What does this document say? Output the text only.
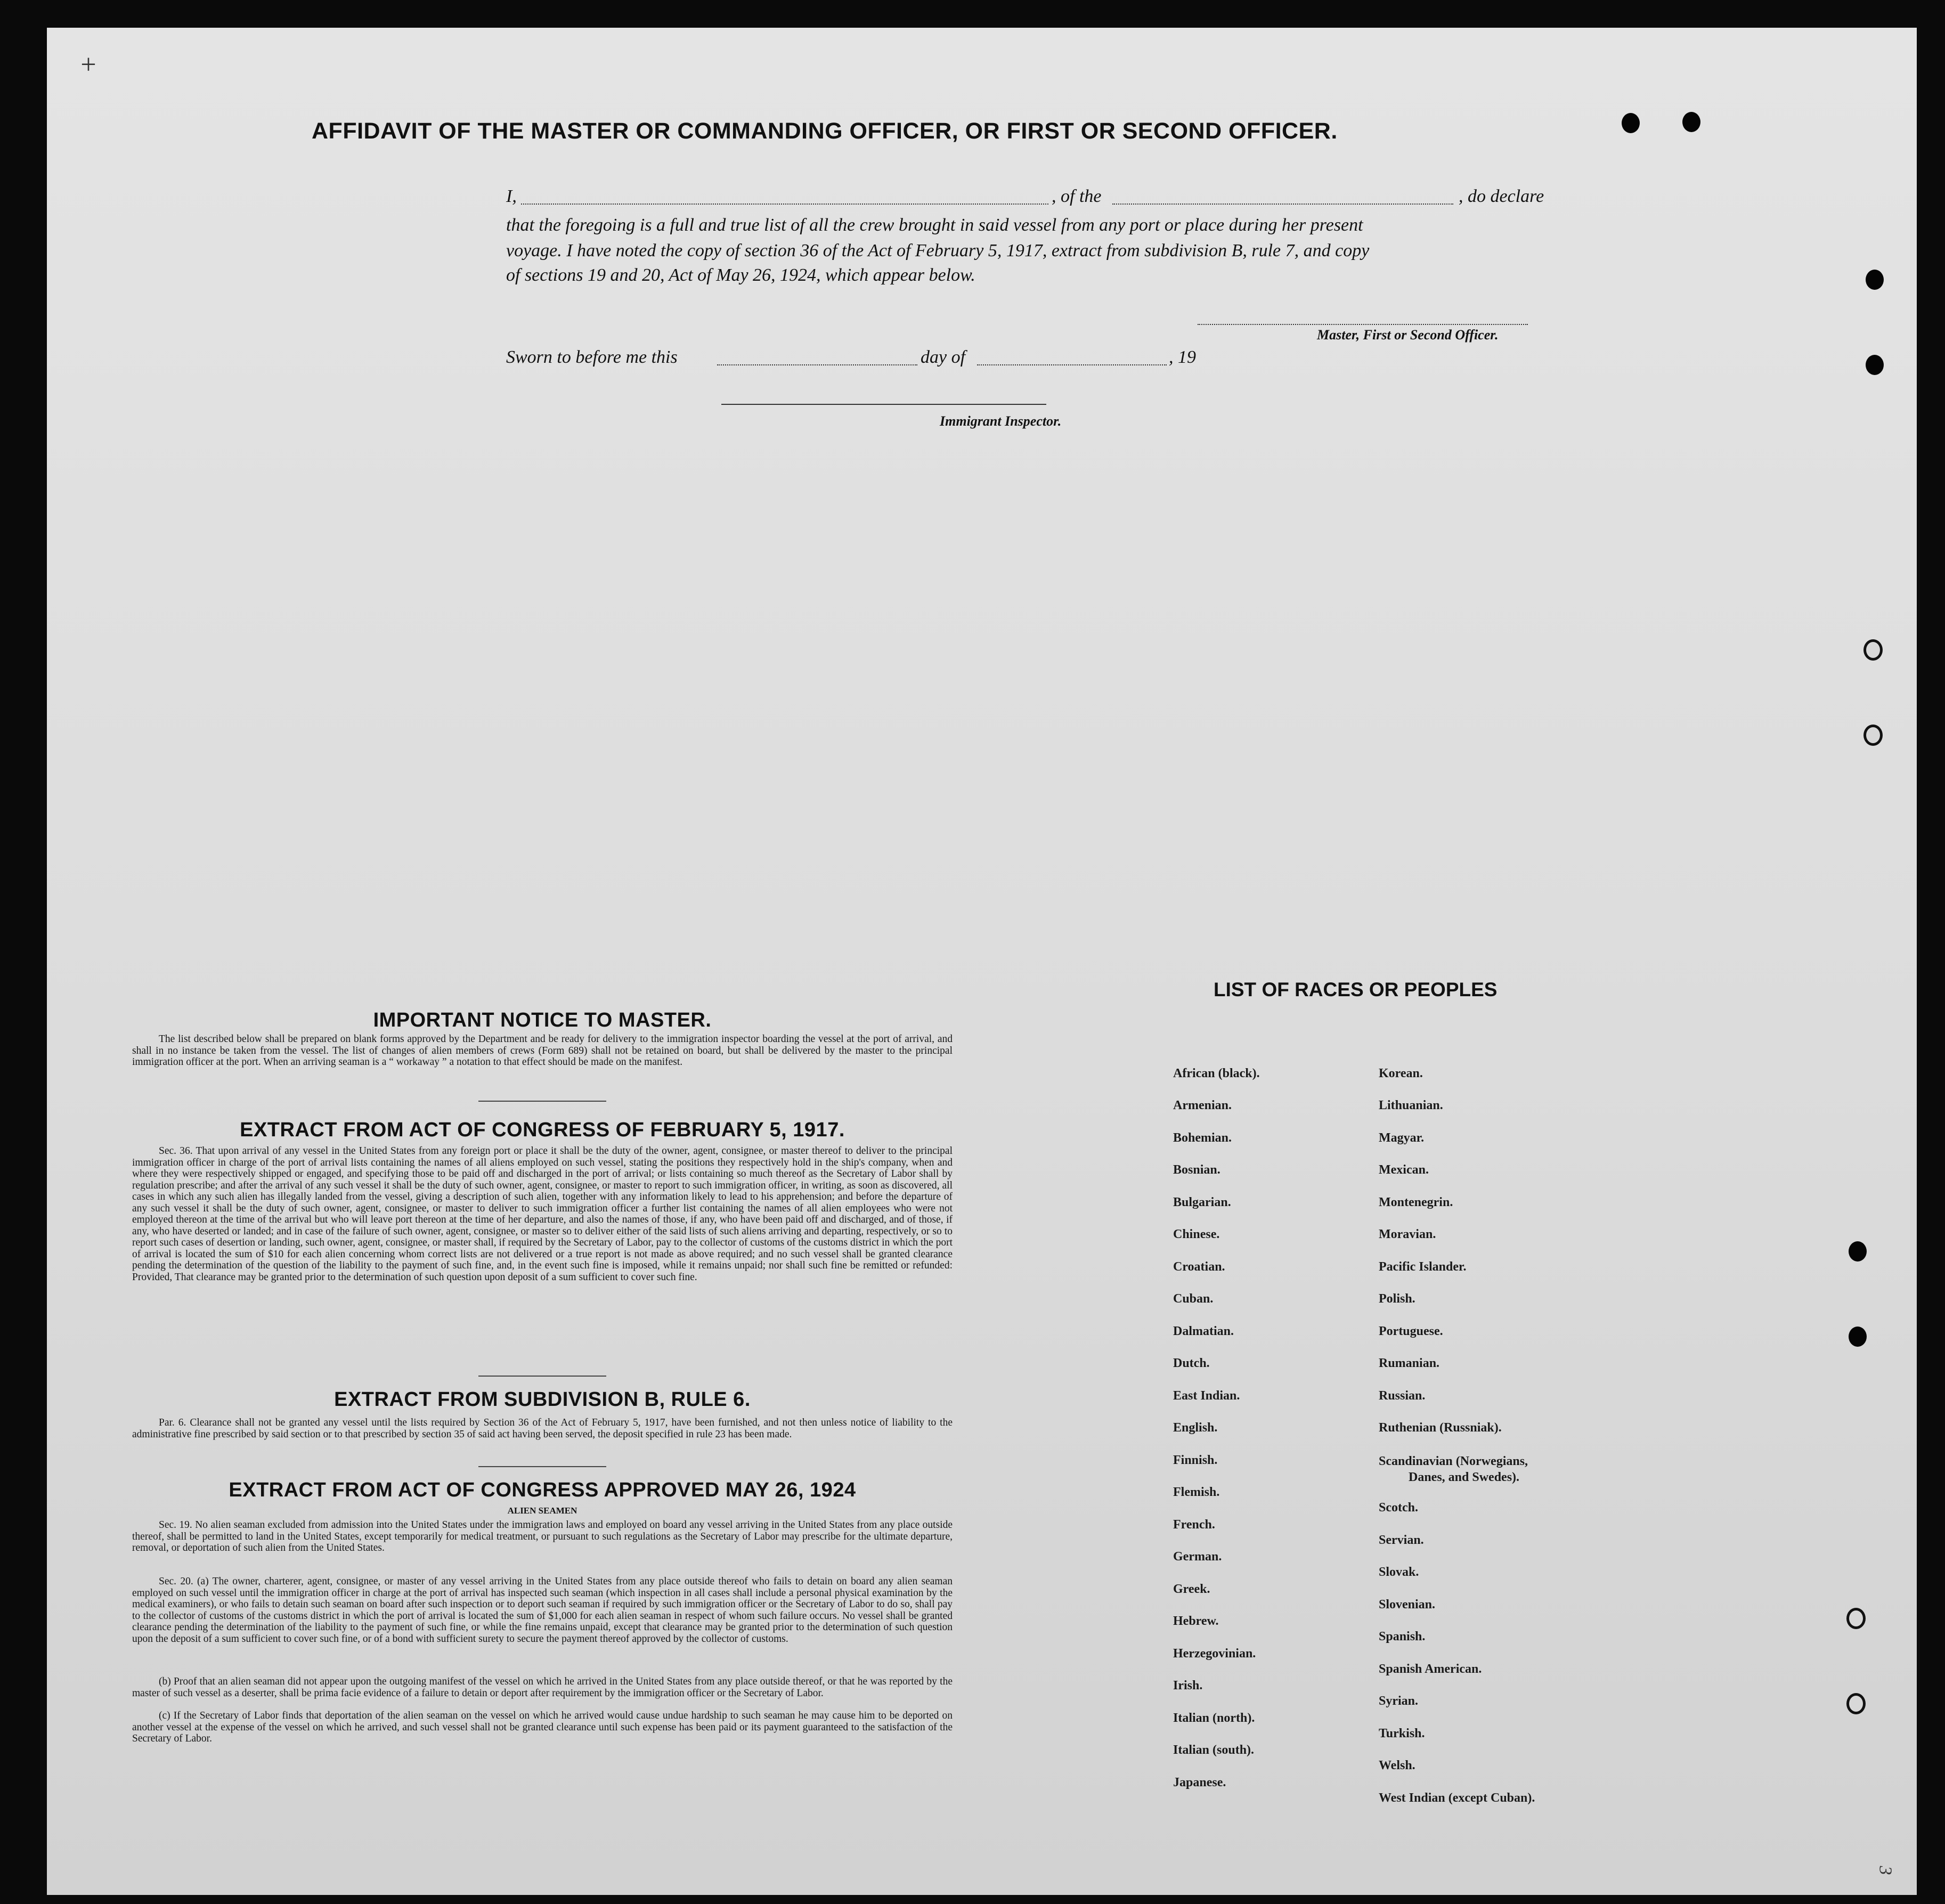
+
AFFIDAVIT OF THE MASTER OR COMMANDING OFFICER, OR FIRST OR SECOND OFFICER.
I,	, of the	, do declare
that the foregoing is a full and true list of all the crew brought in said vessel from any port or place during her present
voyage. I have noted the copy of section 36 of the Act of February 5, 1917, extract from subdivision B, rule 7, and copy
of sections 19 and 20, Act of May 26, 1924, which appear below.
Master, First or Second Officer.
Sworn to before me this	day of	, 19
Immigrant Inspector.
IMPORTANT NOTICE TO MASTER.
The list described below shall be prepared on blank forms approved by the Department and be ready for delivery to the immigration inspector boarding the vessel at the port of arrival, and shall in no instance be taken from the vessel. The list of changes of alien members of crews (Form 689) shall not be retained on board, but shall be delivered by the master to the principal immigration officer at the port. When an arriving seaman is a “ workaway ” a notation to that effect should be made on the manifest.
EXTRACT FROM ACT OF CONGRESS OF FEBRUARY 5, 1917.
Sec. 36. That upon arrival of any vessel in the United States from any foreign port or place it shall be the duty of the owner, agent, consignee, or master thereof to deliver to the principal immigration officer in charge of the port of arrival lists containing the names of all aliens employed on such vessel, stating the positions they respectively hold in the ship's company, when and where they were respectively shipped or engaged, and specifying those to be paid off and discharged in the port of arrival; or lists containing so much thereof as the Secretary of Labor shall by regulation prescribe; and after the arrival of any such vessel it shall be the duty of such owner, agent, consignee, or master to report to such immigration officer, in writing, as soon as discovered, all cases in which any such alien has illegally landed from the vessel, giving a description of such alien, together with any information likely to lead to his apprehension; and before the departure of any such vessel it shall be the duty of such owner, agent, consignee, or master to deliver to such immigration officer a further list containing the names of all alien employees who were not employed thereon at the time of the arrival but who will leave port thereon at the time of her departure, and also the names of those, if any, who have been paid off and discharged, and of those, if any, who have deserted or landed; and in case of the failure of such owner, agent, consignee, or master so to deliver either of the said lists of such aliens arriving and departing, respectively, or so to report such cases of desertion or landing, such owner, agent, consignee, or master shall, if required by the Secretary of Labor, pay to the collector of customs of the customs district in which the port of arrival is located the sum of $10 for each alien concerning whom correct lists are not delivered or a true report is not made as above required; and no such vessel shall be granted clearance pending the determination of the question of the liability to the payment of such fine, and, in the event such fine is imposed, while it remains unpaid; nor shall such fine be remitted or refunded: Provided, That clearance may be granted prior to the determination of such question upon deposit of a sum sufficient to cover such fine.
EXTRACT FROM SUBDIVISION B, RULE 6.
Par. 6. Clearance shall not be granted any vessel until the lists required by Section 36 of the Act of February 5, 1917, have been furnished, and not then unless notice of liability to the administrative fine prescribed by said section or to that prescribed by section 35 of said act having been served, the deposit specified in rule 23 has been made.
EXTRACT FROM ACT OF CONGRESS APPROVED MAY 26, 1924
ALIEN SEAMEN
Sec. 19. No alien seaman excluded from admission into the United States under the immigration laws and employed on board any vessel arriving in the United States from any place outside thereof, shall be permitted to land in the United States, except temporarily for medical treatment, or pursuant to such regulations as the Secretary of Labor may prescribe for the ultimate departure, removal, or deportation of such alien from the United States.
Sec. 20. (a) The owner, charterer, agent, consignee, or master of any vessel arriving in the United States from any place outside thereof who fails to detain on board any alien seaman employed on such vessel until the immigration officer in charge at the port of arrival has inspected such seaman (which inspection in all cases shall include a personal physical examination by the medical examiners), or who fails to detain such seaman on board after such inspection or to deport such seaman if required by such immigration officer or the Secretary of Labor to do so, shall pay to the collector of customs of the customs district in which the port of arrival is located the sum of $1,000 for each alien seaman in respect of whom such failure occurs. No vessel shall be granted clearance pending the determination of the liability to the payment of such fine, or while the fine remains unpaid, except that clearance may be granted prior to the determination of such question upon the deposit of a sum sufficient to cover such fine, or of a bond with sufficient surety to secure the payment thereof approved by the collector of customs.
(b) Proof that an alien seaman did not appear upon the outgoing manifest of the vessel on which he arrived in the United States from any place outside thereof, or that he was reported by the master of such vessel as a deserter, shall be prima facie evidence of a failure to detain or deport after requirement by the immigration officer or the Secretary of Labor.
(c) If the Secretary of Labor finds that deportation of the alien seaman on the vessel on which he arrived would cause undue hardship to such seaman he may cause him to be deported on another vessel at the expense of the vessel on which he arrived, and such vessel shall not be granted clearance until such expense has been paid or its payment guaranteed to the satisfaction of the Secretary of Labor.
LIST OF RACES OR PEOPLES
African (black).
Armenian.
Bohemian.
Bosnian.
Bulgarian.
Chinese.
Croatian.
Cuban.
Dalmatian.
Dutch.
East Indian.
English.
Finnish.
Flemish.
French.
German.
Greek.
Hebrew.
Herzegovinian.
Irish.
Italian (north).
Italian (south).
Japanese.
Korean.
Lithuanian.
Magyar.
Mexican.
Montenegrin.
Moravian.
Pacific Islander.
Polish.
Portuguese.
Rumanian.
Russian.
Ruthenian (Russniak).
Scandinavian (Norwegians,
Danes, and Swedes).
Scotch.
Servian.
Slovak.
Slovenian.
Spanish.
Spanish American.
Syrian.
Turkish.
Welsh.
West Indian (except Cuban).
3
